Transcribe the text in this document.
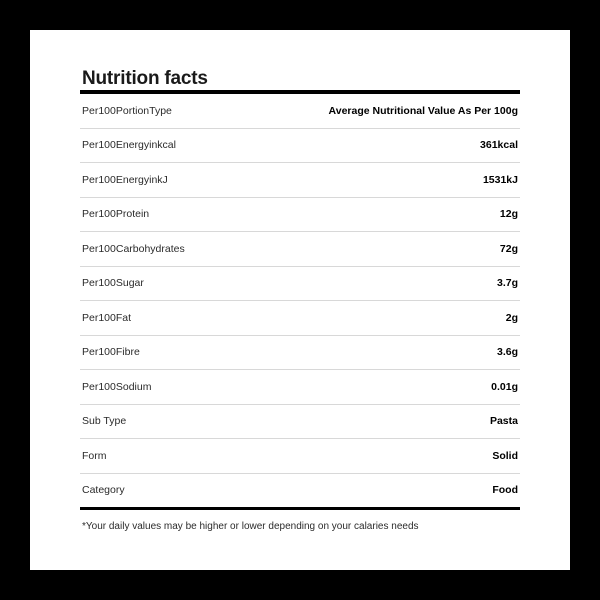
Nutrition facts
Per100PortionType	Average Nutritional Value As Per 100g
Per100Energyinkcal	361kcal
Per100EnergyinkJ	1531kJ
Per100Protein	12g
Per100Carbohydrates	72g
Per100Sugar	3.7g
Per100Fat	2g
Per100Fibre	3.6g
Per100Sodium	0.01g
Sub Type	Pasta
Form	Solid
Category	Food
*Your daily values may be higher or lower depending on your calaries needs
